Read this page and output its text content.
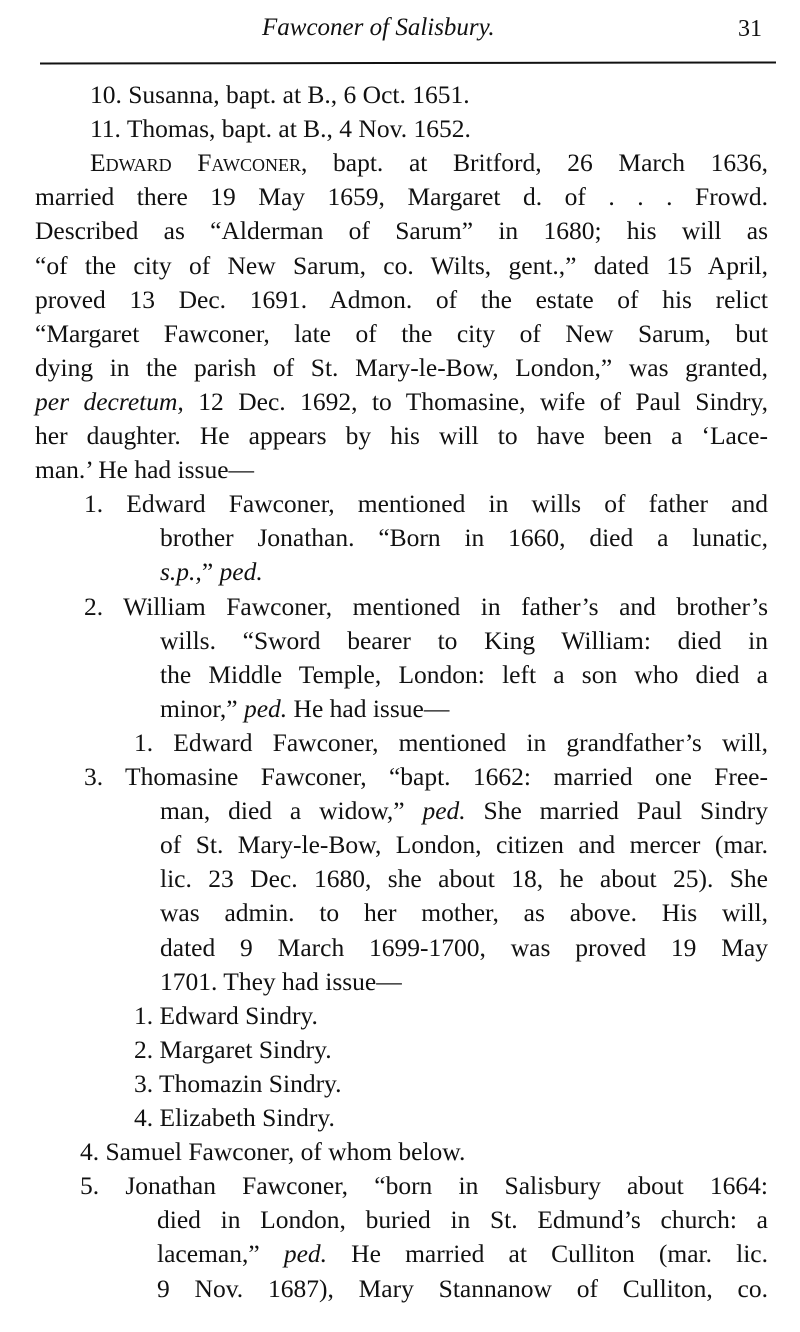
Fawconer of Salisbury.	31
10. Susanna, bapt. at B., 6 Oct. 1651.
11. Thomas, bapt. at B., 4 Nov. 1652.
Edward Fawconer, bapt. at Britford, 26 March 1636,
married there 19 May 1659, Margaret d. of . . . Frowd.
Described as “Alderman of Sarum” in 1680; his will as
“of the city of New Sarum, co. Wilts, gent.,” dated 15 April,
proved 13 Dec. 1691. Admon. of the estate of his relict
“Margaret Fawconer, late of the city of New Sarum, but
dying in the parish of St. Mary-le-Bow, London,” was granted,
per decretum, 12 Dec. 1692, to Thomasine, wife of Paul Sindry,
her daughter. He appears by his will to have been a ‘Lace-
man.’ He had issue—
1. Edward Fawconer, mentioned in wills of father and
brother Jonathan. “Born in 1660, died a lunatic,
s.p.,” ped.
2. William Fawconer, mentioned in father’s and brother’s
wills. “Sword bearer to King William: died in
the Middle Temple, London: left a son who died a
minor,” ped. He had issue—
1. Edward Fawconer, mentioned in grandfather’s will,
3. Thomasine Fawconer, “bapt. 1662: married one Free-
man, died a widow,” ped. She married Paul Sindry
of St. Mary-le-Bow, London, citizen and mercer (mar.
lic. 23 Dec. 1680, she about 18, he about 25). She
was admin. to her mother, as above. His will,
dated 9 March 1699-1700, was proved 19 May
1701. They had issue—
1. Edward Sindry.
2. Margaret Sindry.
3. Thomazin Sindry.
4. Elizabeth Sindry.
4. Samuel Fawconer, of whom below.
5. Jonathan Fawconer, “born in Salisbury about 1664:
died in London, buried in St. Edmund’s church: a
laceman,” ped. He married at Culliton (mar. lic.
9 Nov. 1687), Mary Stannanow of Culliton, co.
